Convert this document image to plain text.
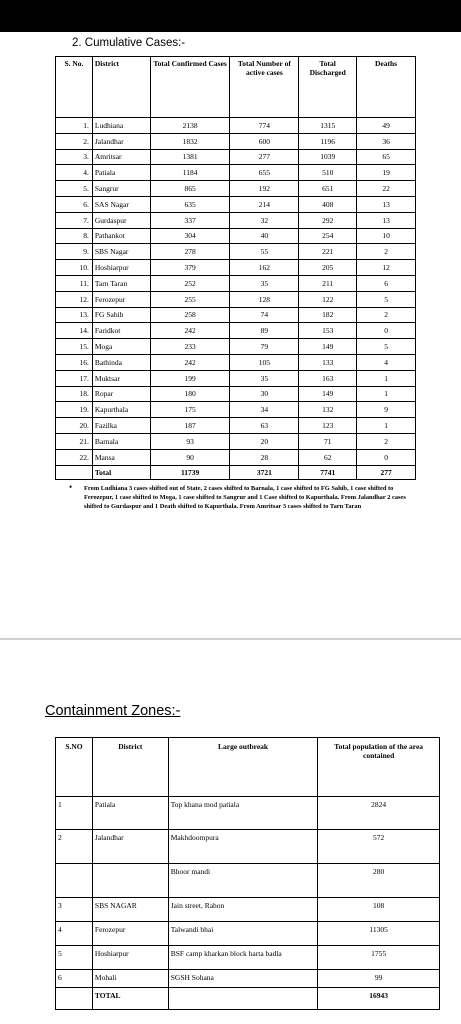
2. Cumulative Cases:-
S. No.	District	Total Confirmed Cases	Total Number of active cases	Total Discharged	Deaths
1.	Ludhiana	2138	774	1315	49
2.	Jalandhar	1832	600	1196	36
3.	Amritsar	1381	277	1039	65
4.	Patiala	1184	655	510	19
5.	Sangrur	865	192	651	22
6.	SAS Nagar	635	214	408	13
7.	Gurdaspur	337	32	292	13
8.	Pathankot	304	40	254	10
9.	SBS Nagar	278	55	221	2
10.	Hoshiarpur	379	162	205	12
11.	Tarn Taran	252	35	211	6
12.	Ferozepur	255	128	122	5
13.	FG Sahib	258	74	182	2
14.	Faridkot	242	89	153	0
15.	Moga	233	79	149	5
16.	Bathinda	242	105	133	4
17.	Muktsar	199	35	163	1
18.	Ropar	180	30	149	1
19.	Kapurthala	175	34	132	9
20.	Fazilka	187	63	123	1
21.	Barnala	93	20	71	2
22.	Mansa	90	28	62	0
	Total	11739	3721	7741	277
• From Ludhiana 3 cases shifted out of State, 2 cases shifted to Barnala, 1 case shifted to FG Sahib, 1 case shifted to Ferozepur, 1 case shifted to Moga, 1 case shifted to Sangrur and 1 Case shifted to Kapurthala. From Jalandhar 2 cases shifted to Gurdaspur and 1 Death shifted to Kapurthala. From Amritsar 3 cases shifted to Tarn Taran
Containment Zones:-
S.NO	District	Large outbreak	Total population of the area contained
1	Patiala	Top khana mod patiala	2824
2	Jalandhar	Makhdoompura	572
		Bhoor mandi	280
3	SBS NAGAR	Jain street, Rahon	108
4	Ferozepur	Talwandi bhai	11305
5	Hoshiarpur	BSF camp kharkan block harta badla	1755
6	Mohali	SGSH Sohana	99
	TOTAL		16943
